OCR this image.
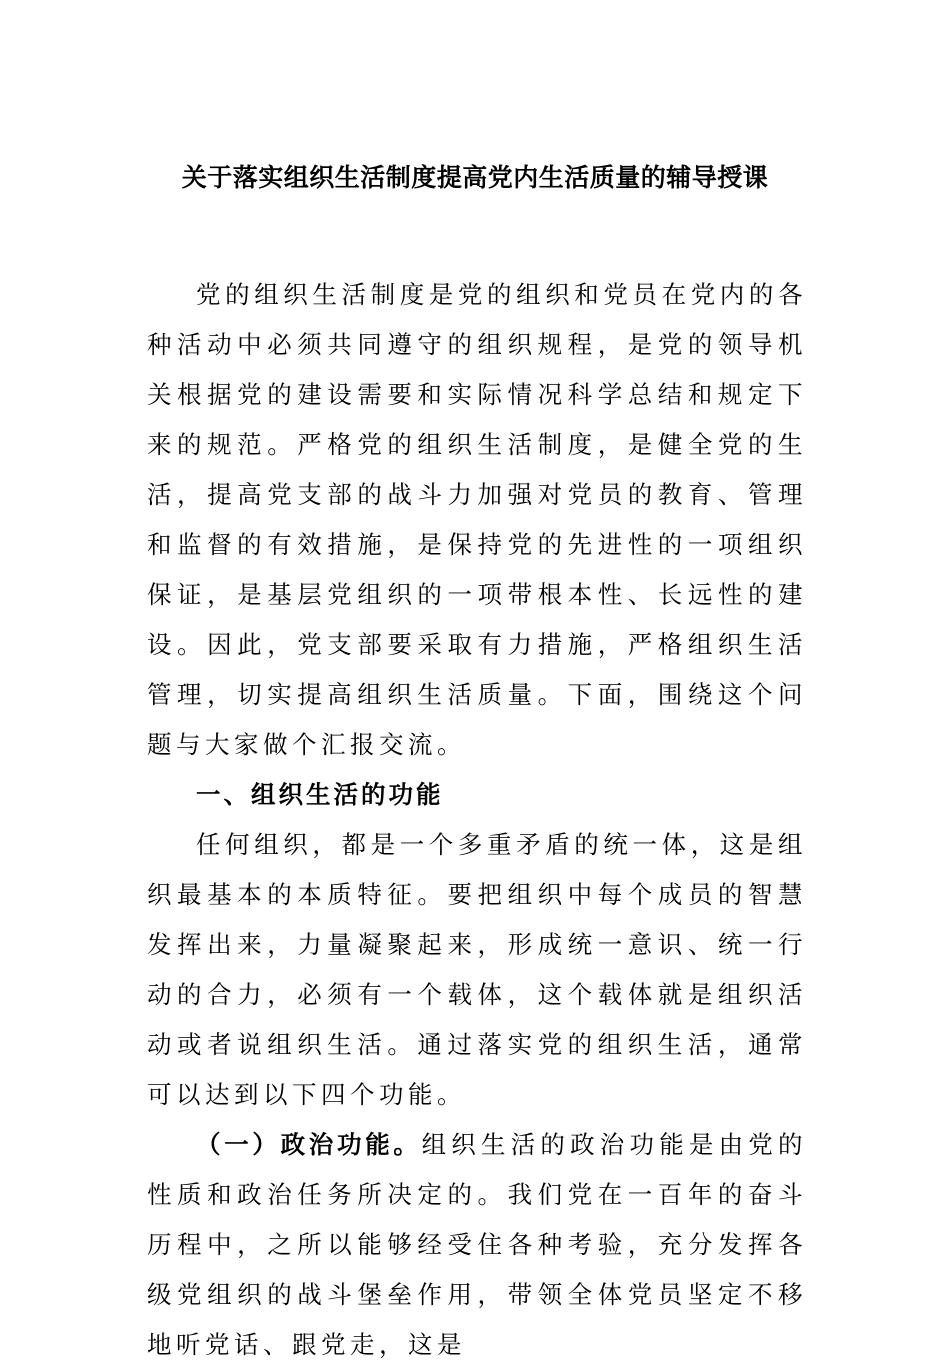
关于落实组织生活制度提高党内生活质量的辅导授课

党的组织生活制度是党的组织和党员在党内的各种活动中必须共同遵守的组织规程，是党的领导机关根据党的建设需要和实际情况科学总结和规定下来的规范。严格党的组织生活制度，是健全党的生活，提高党支部的战斗力加强对党员的教育、管理和监督的有效措施，是保持党的先进性的一项组织保证，是基层党组织的一项带根本性、长远性的建设。因此，党支部要采取有力措施，严格组织生活管理，切实提高组织生活质量。下面，围绕这个问题与大家做个汇报交流。

一、组织生活的功能

任何组织，都是一个多重矛盾的统一体，这是组织最基本的本质特征。要把组织中每个成员的智慧发挥出来，力量凝聚起来，形成统一意识、统一行动的合力，必须有一个载体，这个载体就是组织活动或者说组织生活。通过落实党的组织生活，通常可以达到以下四个功能。

（一）政治功能。组织生活的政治功能是由党的性质和政治任务所决定的。我们党在一百年的奋斗历程中，之所以能够经受住各种考验，充分发挥各级党组织的战斗堡垒作用，带领全体党员坚定不移地听党话、跟党走，这是
